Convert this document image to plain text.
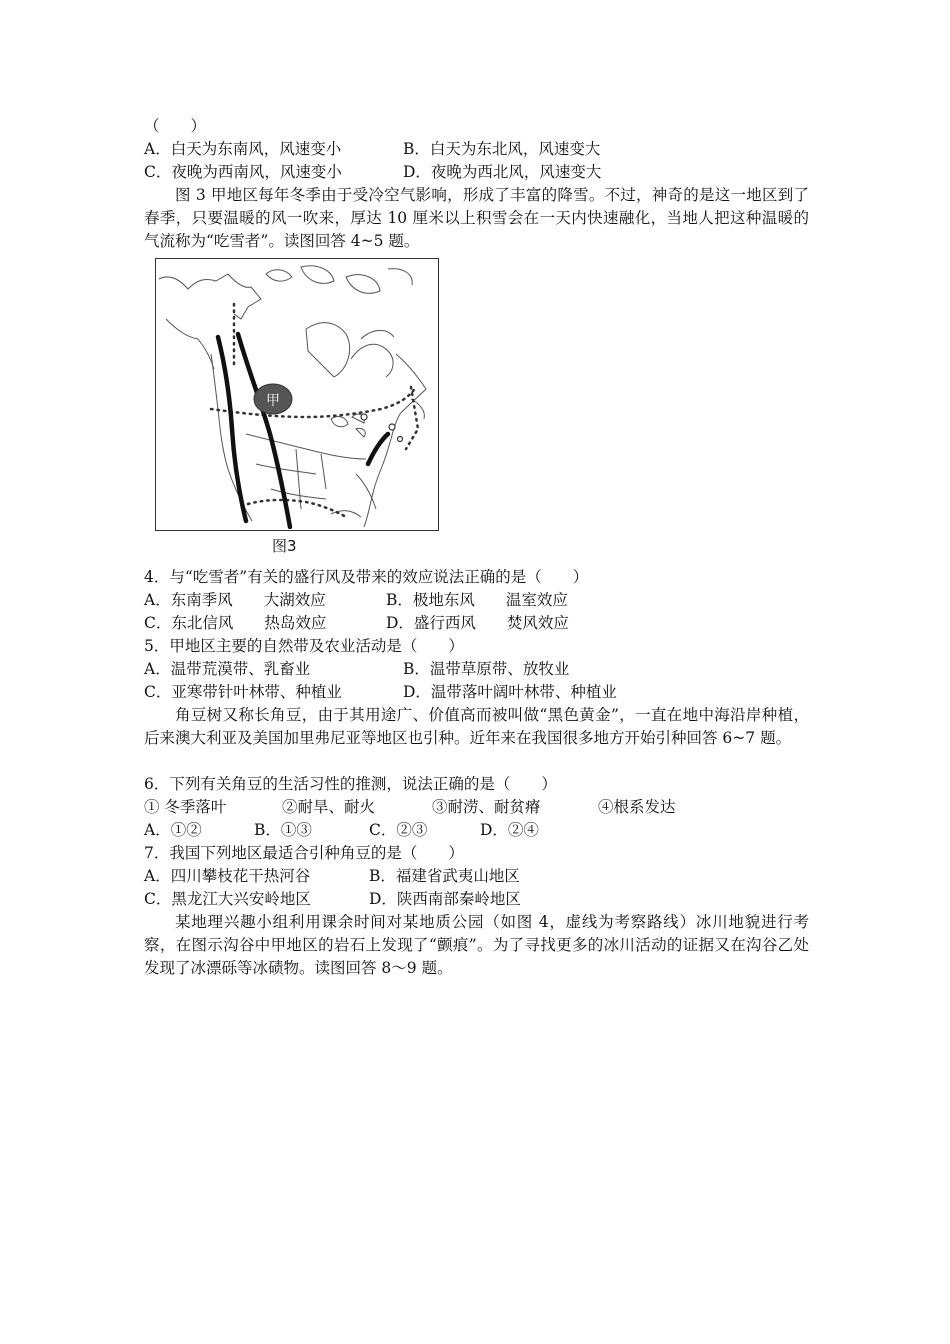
（　　）
A．白天为东南风，风速变小	B．白天为东北风，风速变大
C．夜晚为西南风，风速变小	D．夜晚为西北风，风速变大
图 3 甲地区每年冬季由于受冷空气影响，形成了丰富的降雪。不过，神奇的是这一地区到了春季，只要温暖的风一吹来，厚达 10 厘米以上积雪会在一天内快速融化，当地人把这种温暖的气流称为“吃雪者”。读图回答 4~5 题。
甲
图3
4．与“吃雪者”有关的盛行风及带来的效应说法正确的是（　　）
A．东南季风　　大湖效应	B．极地东风　　温室效应
C．东北信风　　热岛效应	D．盛行西风　　焚风效应
5．甲地区主要的自然带及农业活动是（　　）
A．温带荒漠带、乳畜业	B．温带草原带、放牧业
C．亚寒带针叶林带、种植业	D．温带落叶阔叶林带、种植业
角豆树又称长角豆，由于其用途广、价值高而被叫做“黑色黄金”，一直在地中海沿岸种植，后来澳大利亚及美国加里弗尼亚等地区也引种。近年来在我国很多地方开始引种回答 6~7 题。
6．下列有关角豆的生活习性的推测，说法正确的是（　　）
① 冬季落叶	②耐旱、耐火	③耐涝、耐贫瘠	④根系发达
A．①②	B．①③	C．②③	D．②④
7．我国下列地区最适合引种角豆的是（　　）
A．四川攀枝花干热河谷	B．福建省武夷山地区
C．黑龙江大兴安岭地区	D．陕西南部秦岭地区
某地理兴趣小组利用课余时间对某地质公园（如图 4，虚线为考察路线）冰川地貌进行考察，在图示沟谷中甲地区的岩石上发现了“颤痕”。为了寻找更多的冰川活动的证据又在沟谷乙处发现了冰漂砾等冰碛物。读图回答 8～9 题。
